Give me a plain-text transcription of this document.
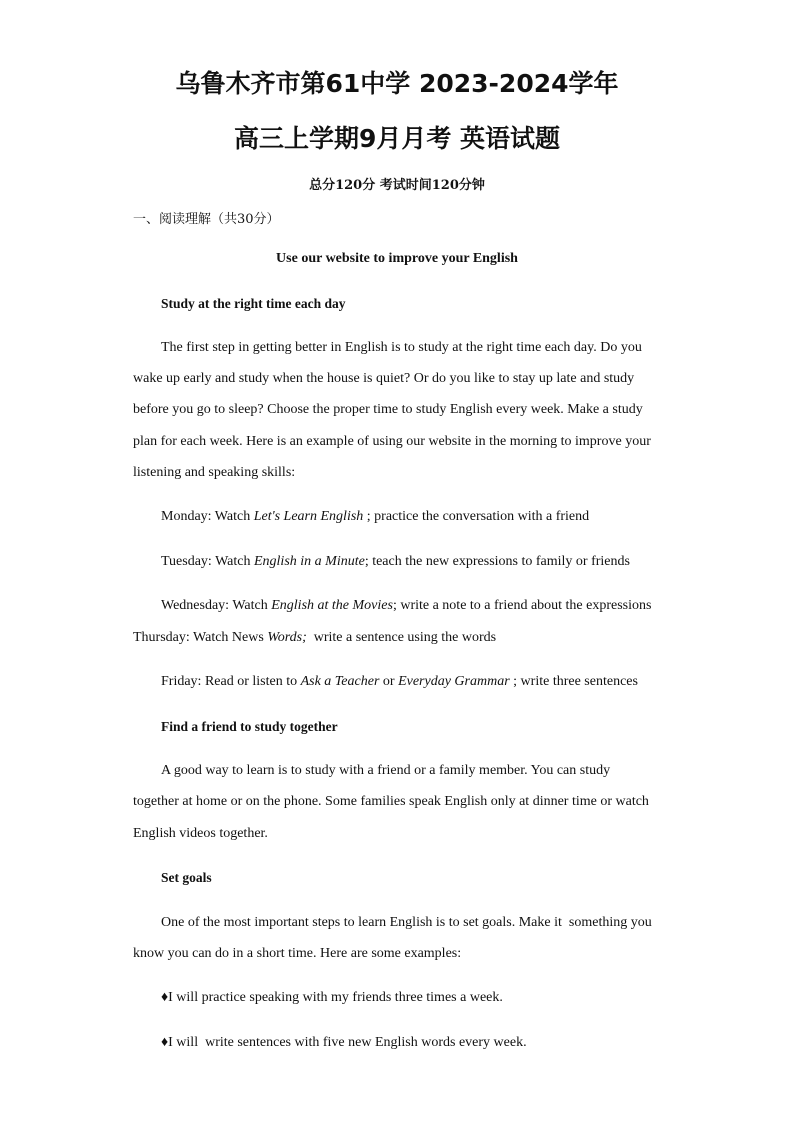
乌鲁木齐市第61中学 2023-2024学年
高三上学期9月月考 英语试题
总分120分 考试时间120分钟
一、阅读理解（共30分）
Use our website to improve your English
Study at the right time each day
The first step in getting better in English is to study at the right time each day. Do you
wake up early and study when the house is quiet? Or do you like to stay up late and study
before you go to sleep? Choose the proper time to study English every week. Make a study
plan for each week. Here is an example of using our website in the morning to improve your
listening and speaking skills:
Monday: Watch Let's Learn English ; practice the conversation with a friend
Tuesday: Watch English in a Minute; teach the new expressions to family or friends
Wednesday: Watch English at the Movies; write a note to a friend about the expressions
Thursday: Watch News Words;  write a sentence using the words
Friday: Read or listen to Ask a Teacher or Everyday Grammar ; write three sentences
Find a friend to study together
A good way to learn is to study with a friend or a family member. You can study
together at home or on the phone. Some families speak English only at dinner time or watch
English videos together.
Set goals
One of the most important steps to learn English is to set goals. Make it  something you
know you can do in a short time. Here are some examples:
♦I will practice speaking with my friends three times a week.
♦I will  write sentences with five new English words every week.
